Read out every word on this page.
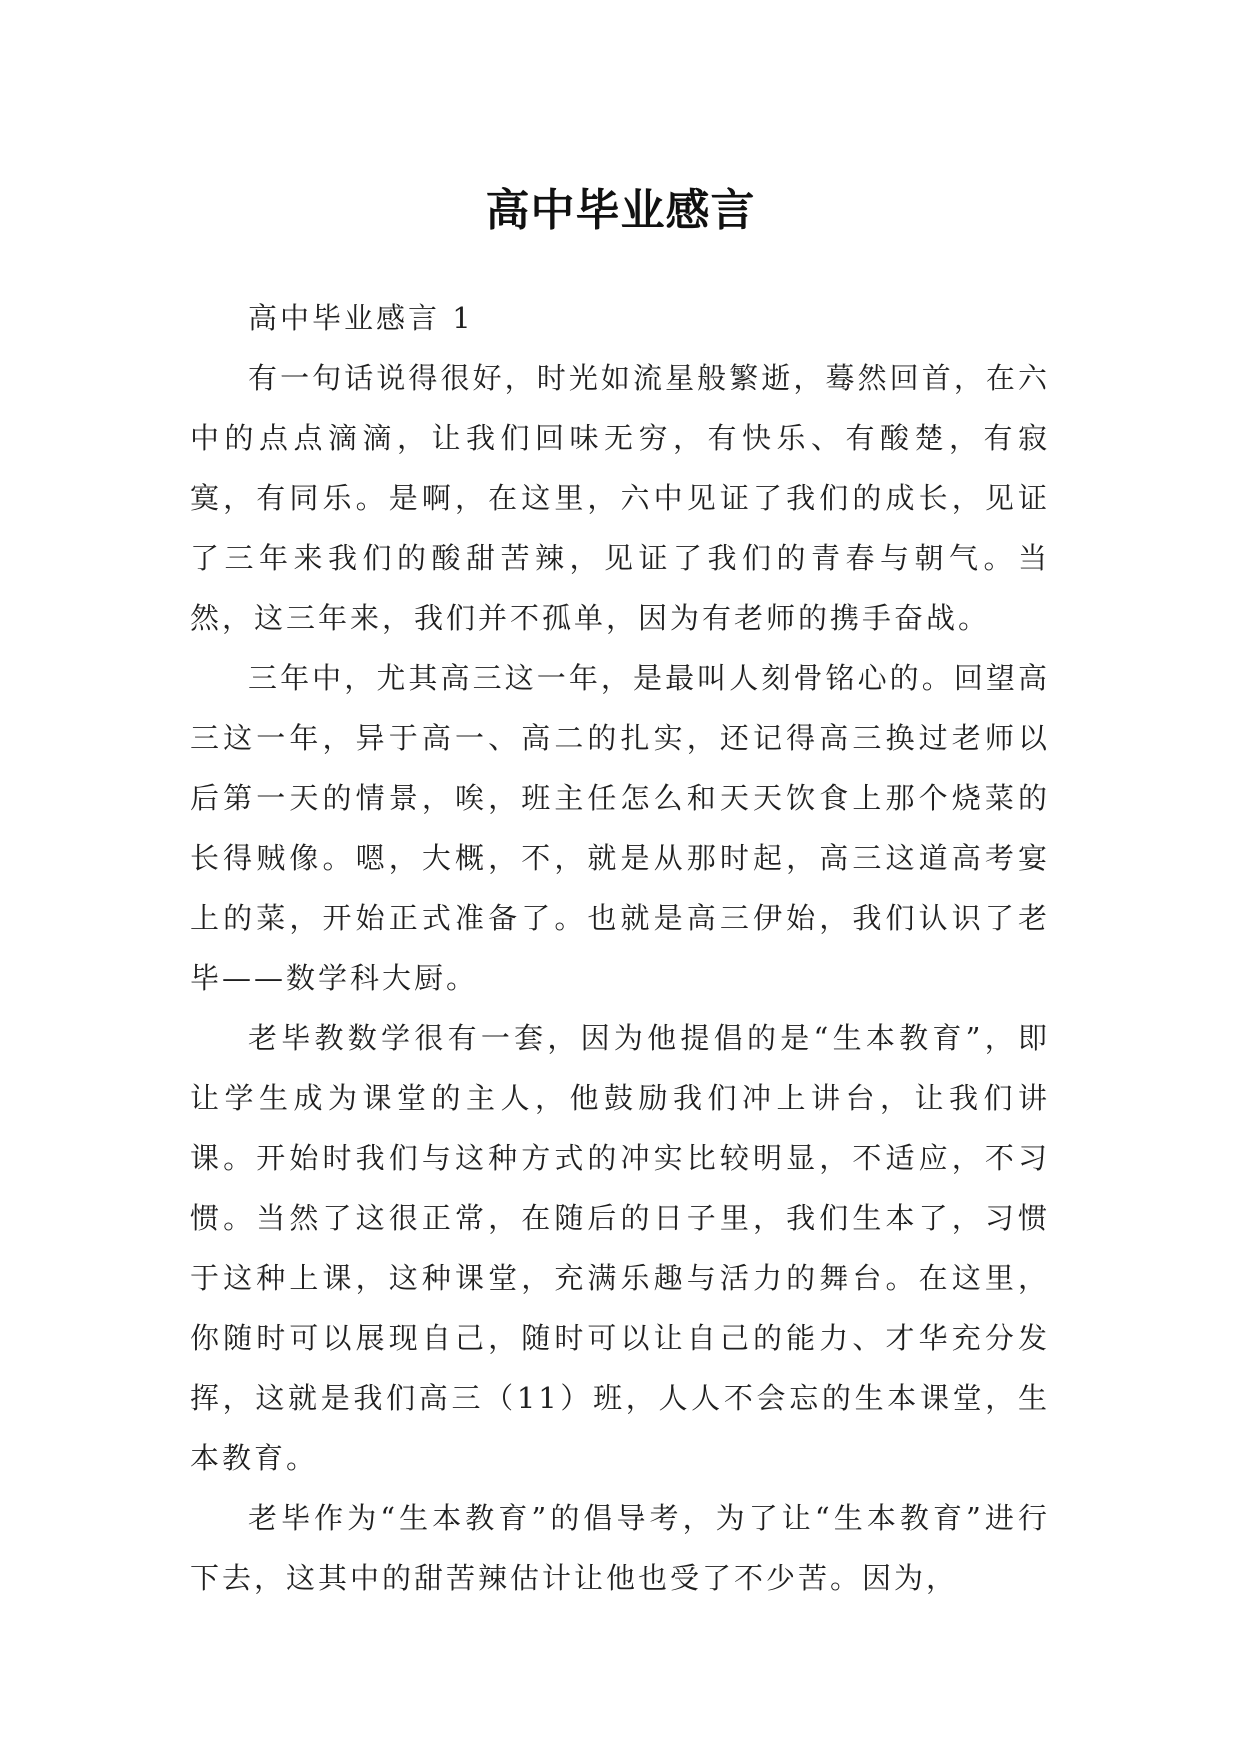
高中毕业感言

高中毕业感言 1

有一句话说得很好，时光如流星般繁逝，蓦然回首，在六中的点点滴滴，让我们回味无穷，有快乐、有酸楚，有寂寞，有同乐。是啊，在这里，六中见证了我们的成长，见证了三年来我们的酸甜苦辣，见证了我们的青春与朝气。当然，这三年来，我们并不孤单，因为有老师的携手奋战。

三年中，尤其高三这一年，是最叫人刻骨铭心的。回望高三这一年，异于高一、高二的扎实，还记得高三换过老师以后第一天的情景，唉，班主任怎么和天天饮食上那个烧菜的长得贼像。嗯，大概，不，就是从那时起，高三这道高考宴上的菜，开始正式准备了。也就是高三伊始，我们认识了老毕——数学科大厨。

老毕教数学很有一套，因为他提倡的是“生本教育”，即让学生成为课堂的主人，他鼓励我们冲上讲台，让我们讲课。开始时我们与这种方式的冲实比较明显，不适应，不习惯。当然了这很正常，在随后的日子里，我们生本了，习惯于这种上课，这种课堂，充满乐趣与活力的舞台。在这里，你随时可以展现自己，随时可以让自己的能力、才华充分发挥，这就是我们高三（11）班，人人不会忘的生本课堂，生本教育。

老毕作为“生本教育”的倡导考，为了让“生本教育”进行下去，这其中的甜苦辣估计让他也受了不少苦。因为，
